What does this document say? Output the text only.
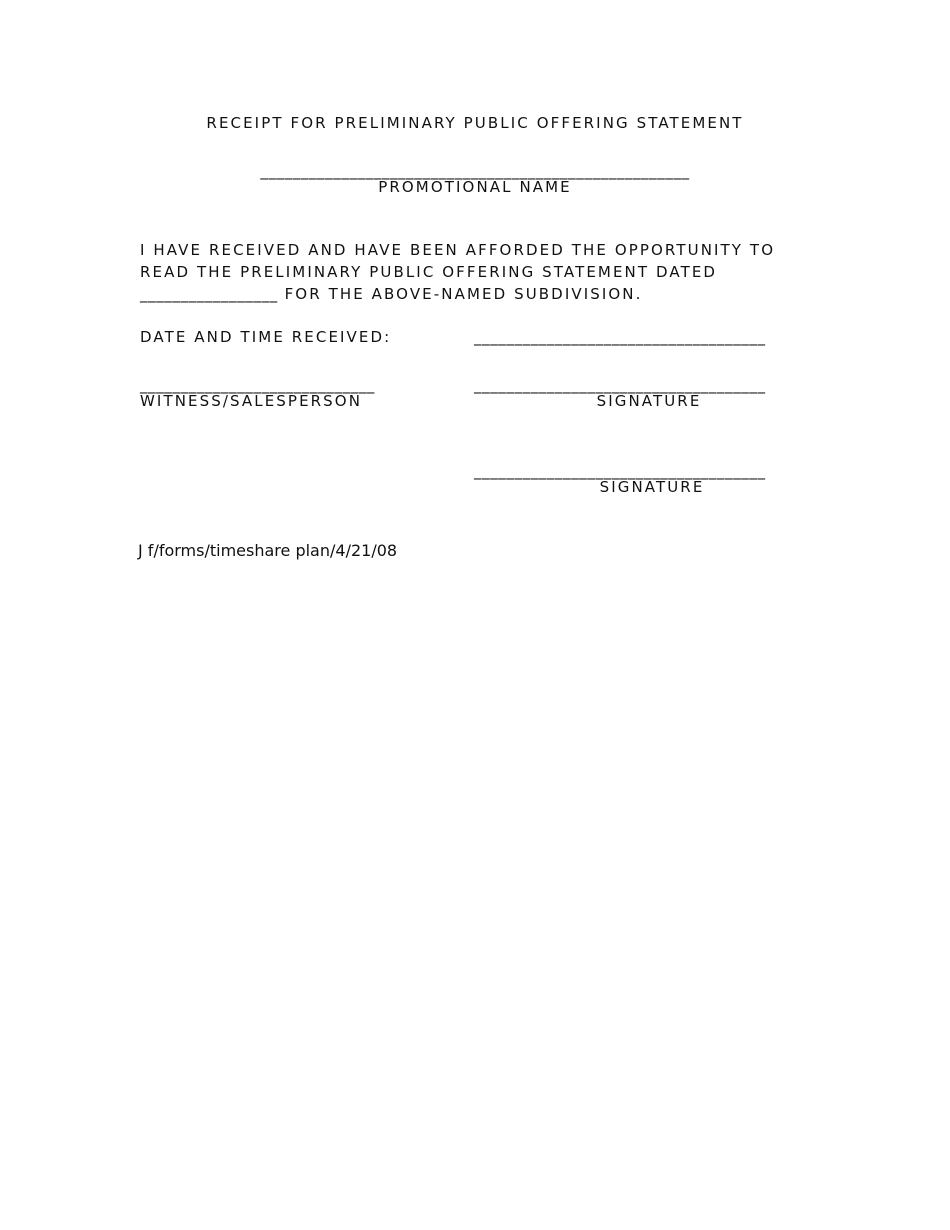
RECEIPT FOR PRELIMINARY PUBLIC OFFERING STATEMENT
_____________________________________________________
PROMOTIONAL NAME
I HAVE RECEIVED AND HAVE BEEN AFFORDED THE OPPORTUNITY TO
READ THE PRELIMINARY PUBLIC OFFERING STATEMENT DATED
_________________ FOR THE ABOVE-NAMED SUBDIVISION.
DATE AND TIME RECEIVED:	____________________________________
_____________________________
WITNESS/SALESPERSON
____________________________________
SIGNATURE
____________________________________
SIGNATURE
J f/forms/timeshare plan/4/21/08
